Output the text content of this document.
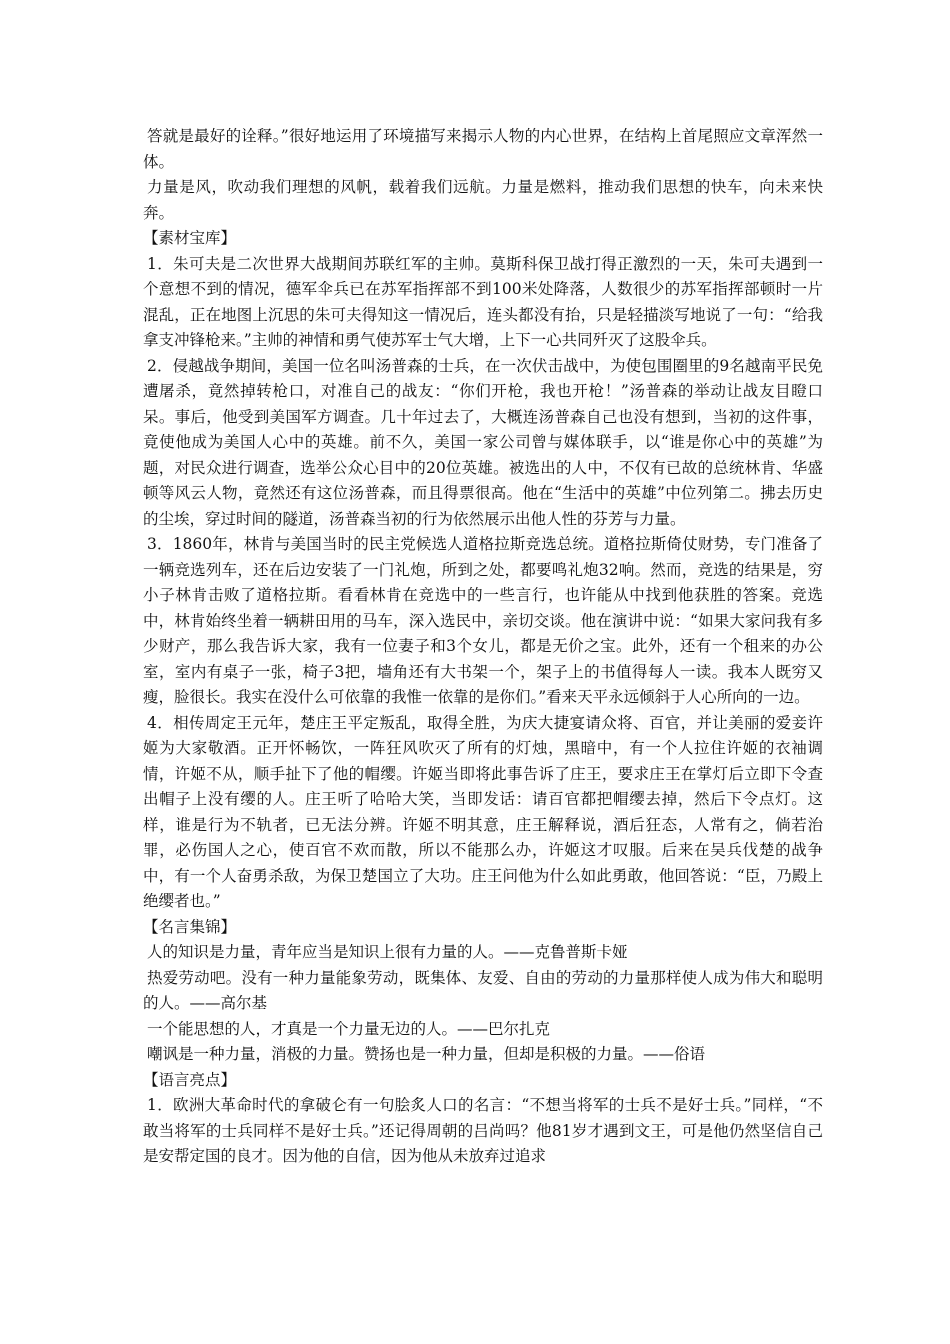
答就是最好的诠释。”很好地运用了环境描写来揭示人物的内心世界，在结构上首尾照应文章浑然一体。

力量是风，吹动我们理想的风帆，载着我们远航。力量是燃料，推动我们思想的快车，向未来快奔。

【素材宝库】

1．朱可夫是二次世界大战期间苏联红军的主帅。莫斯科保卫战打得正激烈的一天，朱可夫遇到一个意想不到的情况，德军伞兵已在苏军指挥部不到100米处降落，人数很少的苏军指挥部顿时一片混乱，正在地图上沉思的朱可夫得知这一情况后，连头都没有抬，只是轻描淡写地说了一句：“给我拿支冲锋枪来。”主帅的神情和勇气使苏军士气大增，上下一心共同歼灭了这股伞兵。

2．侵越战争期间，美国一位名叫汤普森的士兵，在一次伏击战中，为使包围圈里的9名越南平民免遭屠杀，竟然掉转枪口，对准自己的战友：“你们开枪，我也开枪！”汤普森的举动让战友目瞪口呆。事后，他受到美国军方调查。几十年过去了，大概连汤普森自己也没有想到，当初的这件事，竟使他成为美国人心中的英雄。前不久，美国一家公司曾与媒体联手，以“谁是你心中的英雄”为题，对民众进行调查，选举公众心目中的20位英雄。被选出的人中，不仅有已故的总统林肯、华盛顿等风云人物，竟然还有这位汤普森，而且得票很高。他在“生活中的英雄”中位列第二。拂去历史的尘埃，穿过时间的隧道，汤普森当初的行为依然展示出他人性的芬芳与力量。

3．1860年，林肯与美国当时的民主党候选人道格拉斯竞选总统。道格拉斯倚仗财势，专门准备了一辆竞选列车，还在后边安装了一门礼炮，所到之处，都要鸣礼炮32响。然而，竞选的结果是，穷小子林肯击败了道格拉斯。看看林肯在竞选中的一些言行，也许能从中找到他获胜的答案。竞选中，林肯始终坐着一辆耕田用的马车，深入选民中，亲切交谈。他在演讲中说：“如果大家问我有多少财产，那么我告诉大家，我有一位妻子和3个女儿，都是无价之宝。此外，还有一个租来的办公室，室内有桌子一张，椅子3把，墙角还有大书架一个，架子上的书值得每人一读。我本人既穷又瘦，脸很长。我实在没什么可依靠的我惟一依靠的是你们。”看来天平永远倾斜于人心所向的一边。

4．相传周定王元年，楚庄王平定叛乱，取得全胜，为庆大捷宴请众将、百官，并让美丽的爱妾许姬为大家敬酒。正开怀畅饮，一阵狂风吹灭了所有的灯烛，黑暗中，有一个人拉住许姬的衣袖调情，许姬不从，顺手扯下了他的帽缨。许姬当即将此事告诉了庄王，要求庄王在掌灯后立即下令查出帽子上没有缨的人。庄王听了哈哈大笑，当即发话：请百官都把帽缨去掉，然后下令点灯。这样，谁是行为不轨者，已无法分辨。许姬不明其意，庄王解释说，酒后狂态，人常有之，倘若治罪，必伤国人之心，使百官不欢而散，所以不能那么办，许姬这才叹服。后来在吴兵伐楚的战争中，有一个人奋勇杀敌，为保卫楚国立了大功。庄王问他为什么如此勇敢，他回答说：“臣，乃殿上绝缨者也。”

【名言集锦】

人的知识是力量，青年应当是知识上很有力量的人。——克鲁普斯卡娅

热爱劳动吧。没有一种力量能象劳动，既集体、友爱、自由的劳动的力量那样使人成为伟大和聪明的人。——高尔基

一个能思想的人，才真是一个力量无边的人。——巴尔扎克

嘲讽是一种力量，消极的力量。赞扬也是一种力量，但却是积极的力量。——俗语

【语言亮点】

1．欧洲大革命时代的拿破仑有一句脍炙人口的名言：“不想当将军的士兵不是好士兵。”同样，“不敢当将军的士兵同样不是好士兵。”还记得周朝的吕尚吗？他81岁才遇到文王，可是他仍然坚信自己是安帮定国的良才。因为他的自信，因为他从未放弃过追求
